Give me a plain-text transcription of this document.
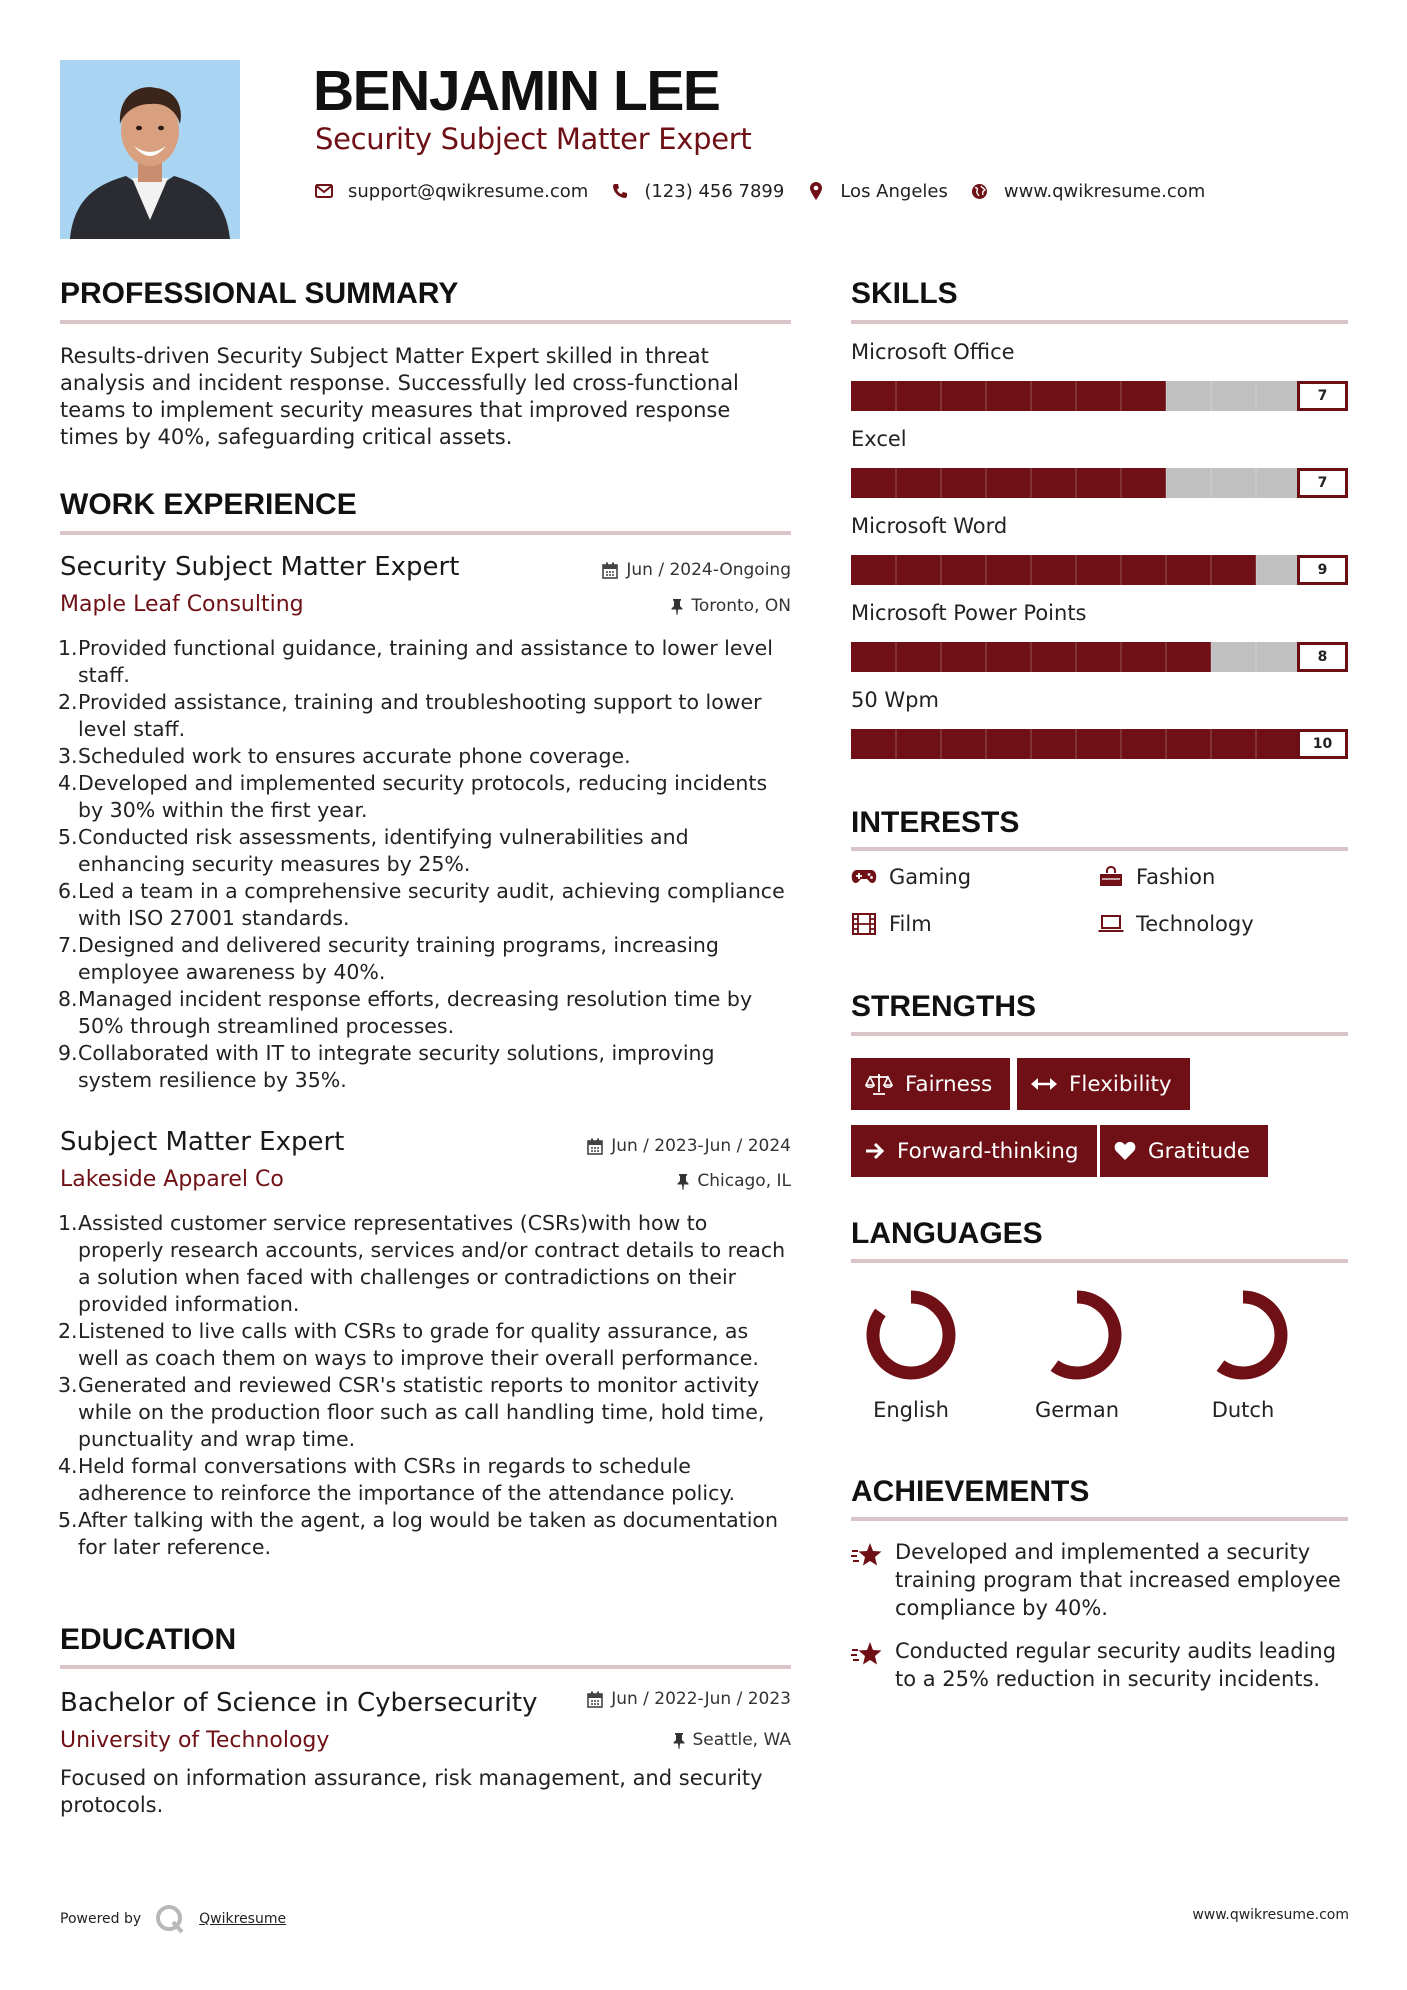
BENJAMIN LEE
Security Subject Matter Expert
support@qwikresume.com	(123) 456 7899	Los Angeles	www.qwikresume.com
PROFESSIONAL SUMMARY
Results-driven Security Subject Matter Expert skilled in threat analysis and incident response. Successfully led cross-functional teams to implement security measures that improved response times by 40%, safeguarding critical assets.
WORK EXPERIENCE
Security Subject Matter Expert	Jun / 2024-Ongoing
Maple Leaf Consulting	Toronto, ON
1. Provided functional guidance, training and assistance to lower level staff.
2. Provided assistance, training and troubleshooting support to lower level staff.
3. Scheduled work to ensures accurate phone coverage.
4. Developed and implemented security protocols, reducing incidents by 30% within the first year.
5. Conducted risk assessments, identifying vulnerabilities and enhancing security measures by 25%.
6. Led a team in a comprehensive security audit, achieving compliance with ISO 27001 standards.
7. Designed and delivered security training programs, increasing employee awareness by 40%.
8. Managed incident response efforts, decreasing resolution time by 50% through streamlined processes.
9. Collaborated with IT to integrate security solutions, improving system resilience by 35%.
Subject Matter Expert	Jun / 2023-Jun / 2024
Lakeside Apparel Co	Chicago, IL
1. Assisted customer service representatives (CSRs)with how to properly research accounts, services and/or contract details to reach a solution when faced with challenges or contradictions on their provided information.
2. Listened to live calls with CSRs to grade for quality assurance, as well as coach them on ways to improve their overall performance.
3. Generated and reviewed CSR's statistic reports to monitor activity while on the production floor such as call handling time, hold time, punctuality and wrap time.
4. Held formal conversations with CSRs in regards to schedule adherence to reinforce the importance of the attendance policy.
5. After talking with the agent, a log would be taken as documentation for later reference.
EDUCATION
Bachelor of Science in Cybersecurity	Jun / 2022-Jun / 2023
University of Technology	Seattle, WA
Focused on information assurance, risk management, and security protocols.
SKILLS
Microsoft Office
7
Excel
7
Microsoft Word
9
Microsoft Power Points
8
50 Wpm
10
INTERESTS
Gaming	Fashion
Film	Technology
STRENGTHS
Fairness	Flexibility
Forward-thinking	Gratitude
LANGUAGES
English	German	Dutch
ACHIEVEMENTS
Developed and implemented a security training program that increased employee compliance by 40%.
Conducted regular security audits leading to a 25% reduction in security incidents.
Powered by	Qwikresume	www.qwikresume.com
